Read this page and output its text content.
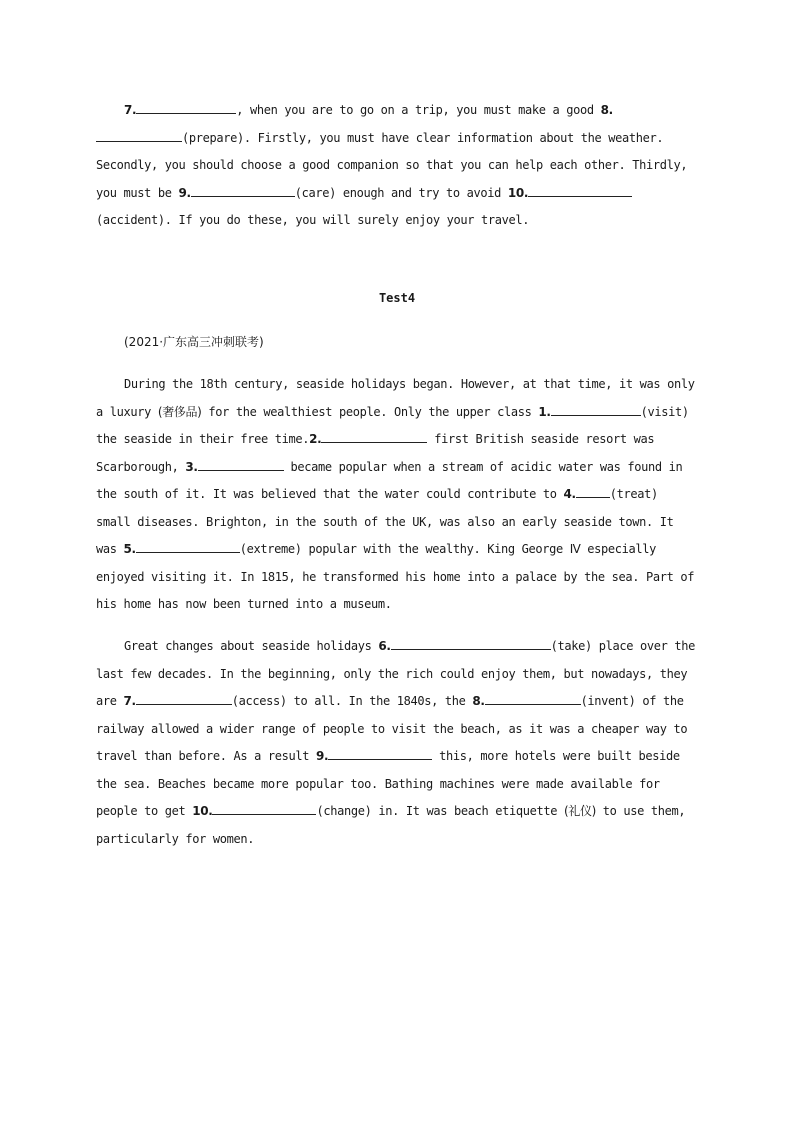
7.	, when you are to go on a trip, you must make a good 8.(prepare). Firstly, you must have clear information about the weather. Secondly, you should choose a good companion so that you can help each other. Thirdly, you must be 9.	(care) enough and try to avoid 10.(accident). If you do these, you will surely enjoy your travel.

Test4
(2021·广东高三冲刺联考)

During the 18th century, seaside holidays began. However, at that time, it was only a luxury (奢侈品) for the wealthiest people. Only the upper class 1.	(visit) the seaside in their free time.2.	first British seaside resort was Scarborough, 3.	became popular when a stream of acidic water was found in the south of it. It was believed that the water could contribute to 4.	(treat) small diseases. Brighton, in the south of the UK, was also an early seaside town. It was 5.	(extreme) popular with the wealthy. King George Ⅳ especially enjoyed visiting it. In 1815, he transformed his home into a palace by the sea. Part of his home has now been turned into a museum.

Great changes about seaside holidays 6.	(take) place over the last few decades. In the beginning, only the rich could enjoy them, but nowadays, they are 7.	(access) to all. In the 1840s, the 8.	(invent) of the railway allowed a wider range of people to visit the beach, as it was a cheaper way to travel than before. As a result 9.	this, more hotels were built beside the sea. Beaches became more popular too. Bathing machines were made available for people to get 10.	(change) in. It was beach etiquette (礼仪) to use them, particularly for women.
